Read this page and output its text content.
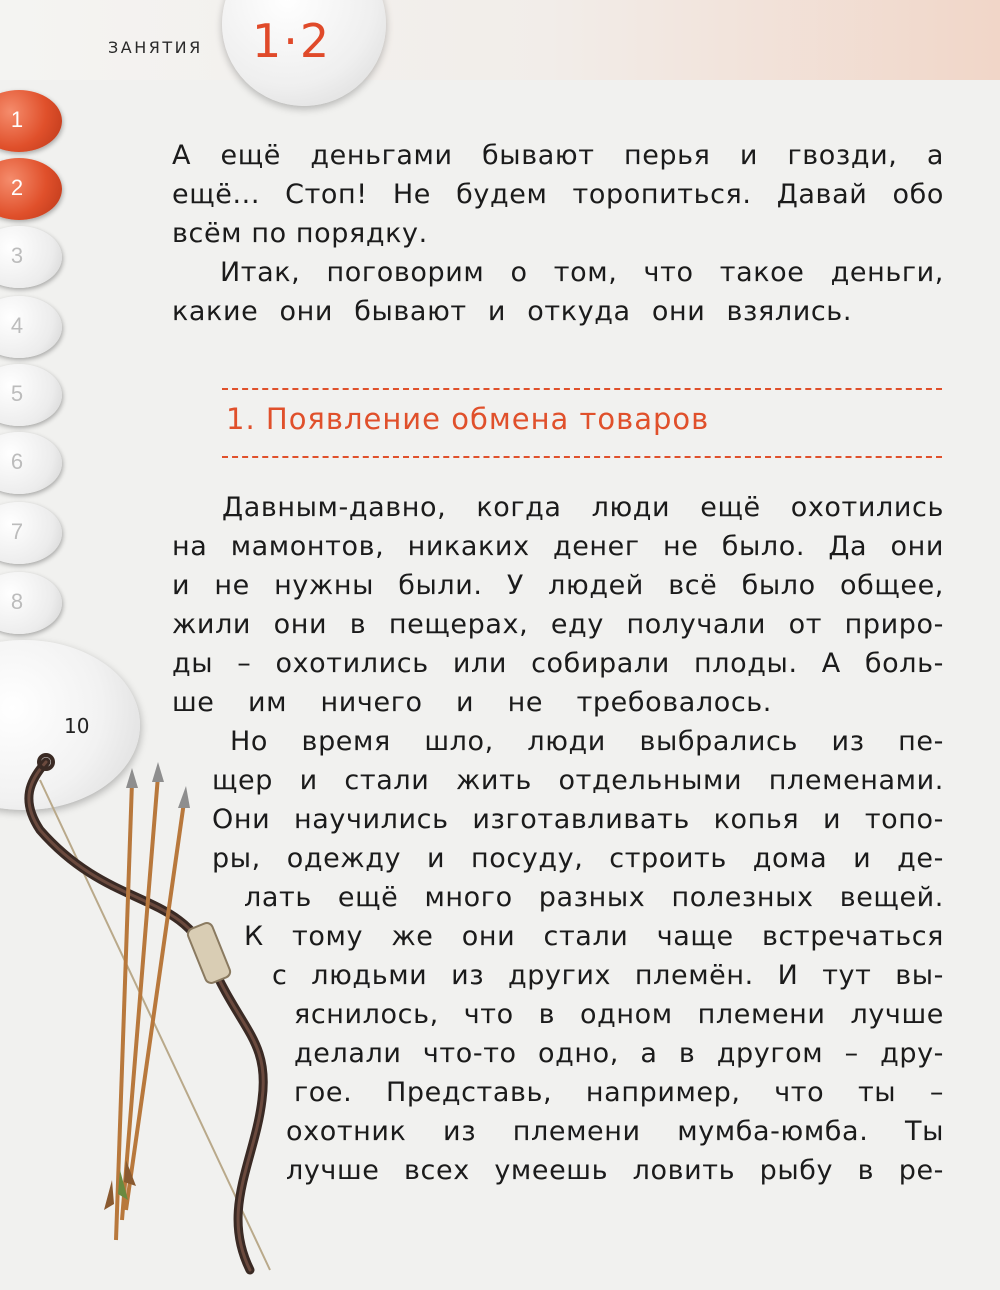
ЗАНЯТИЯ 1·2
1
2
3
4
5
6
7
8
10

А ещё деньгами бывают перья и гвозди, а

ещё... Стоп! Не будем торопиться. Давай обо

всём по порядку.

Итак, поговорим о том, что такое деньги,

какие они бывают и откуда они взялись.

1. Появление обмена товаров

Давным-давно, когда люди ещё охотились

на мамонтов, никаких денег не было. Да они

и не нужны были. У людей всё было общее,

жили они в пещерах, еду получали от приро-

ды – охотились или собирали плоды. А боль-

ше им ничего и не требовалось.

Но время шло, люди выбрались из пе-

щер и стали жить отдельными племенами.

Они научились изготавливать копья и топо-

ры, одежду и посуду, строить дома и де-

лать ещё много разных полезных вещей.

К тому же они стали чаще встречаться

с людьми из других племён. И тут вы-

яснилось, что в одном племени лучше

делали что-то одно, а в другом – дру-

гое. Представь, например, что ты –

охотник из племени мумба-юмба. Ты

лучше всех умеешь ловить рыбу в ре-
